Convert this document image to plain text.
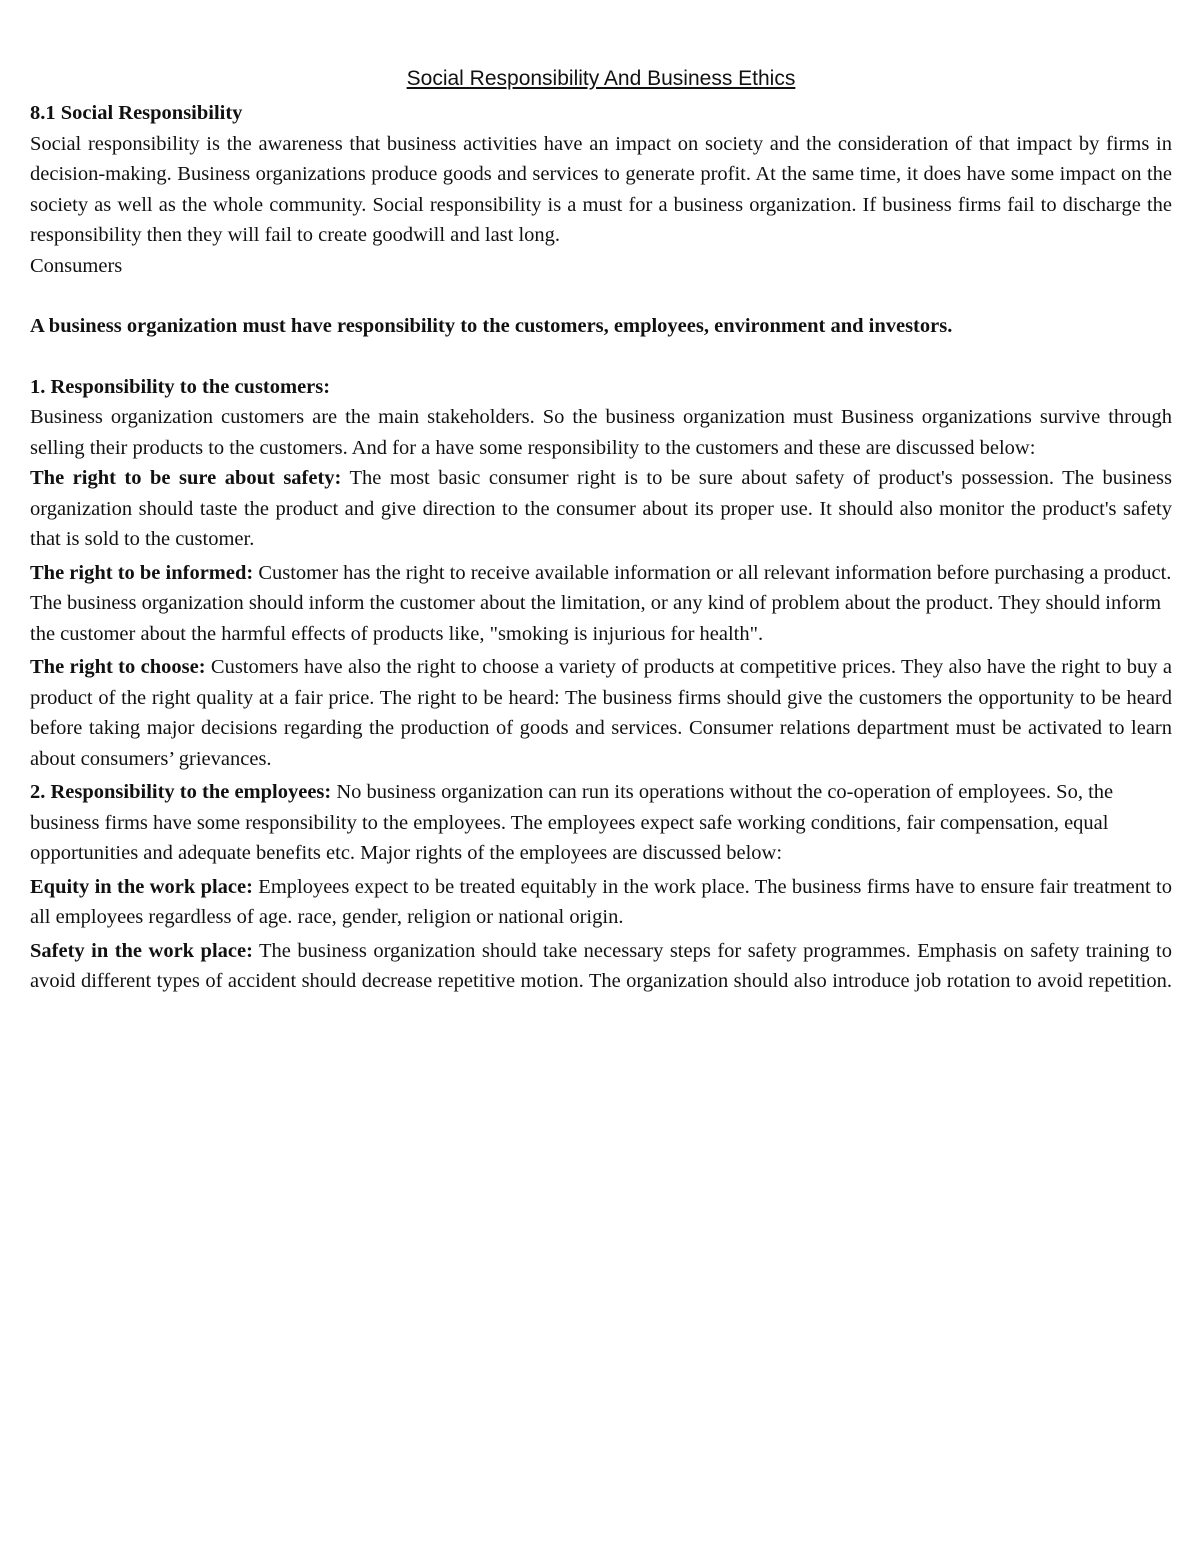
Social Responsibility And Business Ethics

8.1 Social Responsibility

Social responsibility is the awareness that business activities have an impact on society and the consideration of that impact by firms in decision-making. Business organizations produce goods and services to generate profit. At the same time, it does have some impact on the society as well as the whole community. Social responsibility is a must for a business organization. If business firms fail to discharge the responsibility then they will fail to create goodwill and last long.

Consumers

A business organization must have responsibility to the customers, employees, environment and investors.

1. Responsibility to the customers:

Business organization customers are the main stakeholders. So the business organization must Business organizations survive through selling their products to the customers. And for a have some responsibility to the customers and these are discussed below:

The right to be sure about safety: The most basic consumer right is to be sure about safety of product's possession. The business organization should taste the product and give direction to the consumer about its proper use. It should also monitor the product's safety that is sold to the customer.

The right to be informed: Customer has the right to receive available information or all relevant information before purchasing a product. The business organization should inform the customer about the limitation, or any kind of problem about the product. They should inform the customer about the harmful effects of products like, "smoking is injurious for health".

The right to choose: Customers have also the right to choose a variety of products at competitive prices. They also have the right to buy a product of the right quality at a fair price. The right to be heard: The business firms should give the customers the opportunity to be heard before taking major decisions regarding the production of goods and services. Consumer relations department must be activated to learn about consumers’ grievances.

2. Responsibility to the employees: No business organization can run its operations without the co-operation of employees. So, the business firms have some responsibility to the employees. The employees expect safe working conditions, fair compensation, equal opportunities and adequate benefits etc. Major rights of the employees are discussed below:

Equity in the work place: Employees expect to be treated equitably in the work place. The business firms have to ensure fair treatment to all employees regardless of age. race, gender, religion or national origin.

Safety in the work place: The business organization should take necessary steps for safety programmes. Emphasis on safety training to avoid different types of accident should decrease repetitive motion. The organization should also introduce job rotation to avoid repetition.
